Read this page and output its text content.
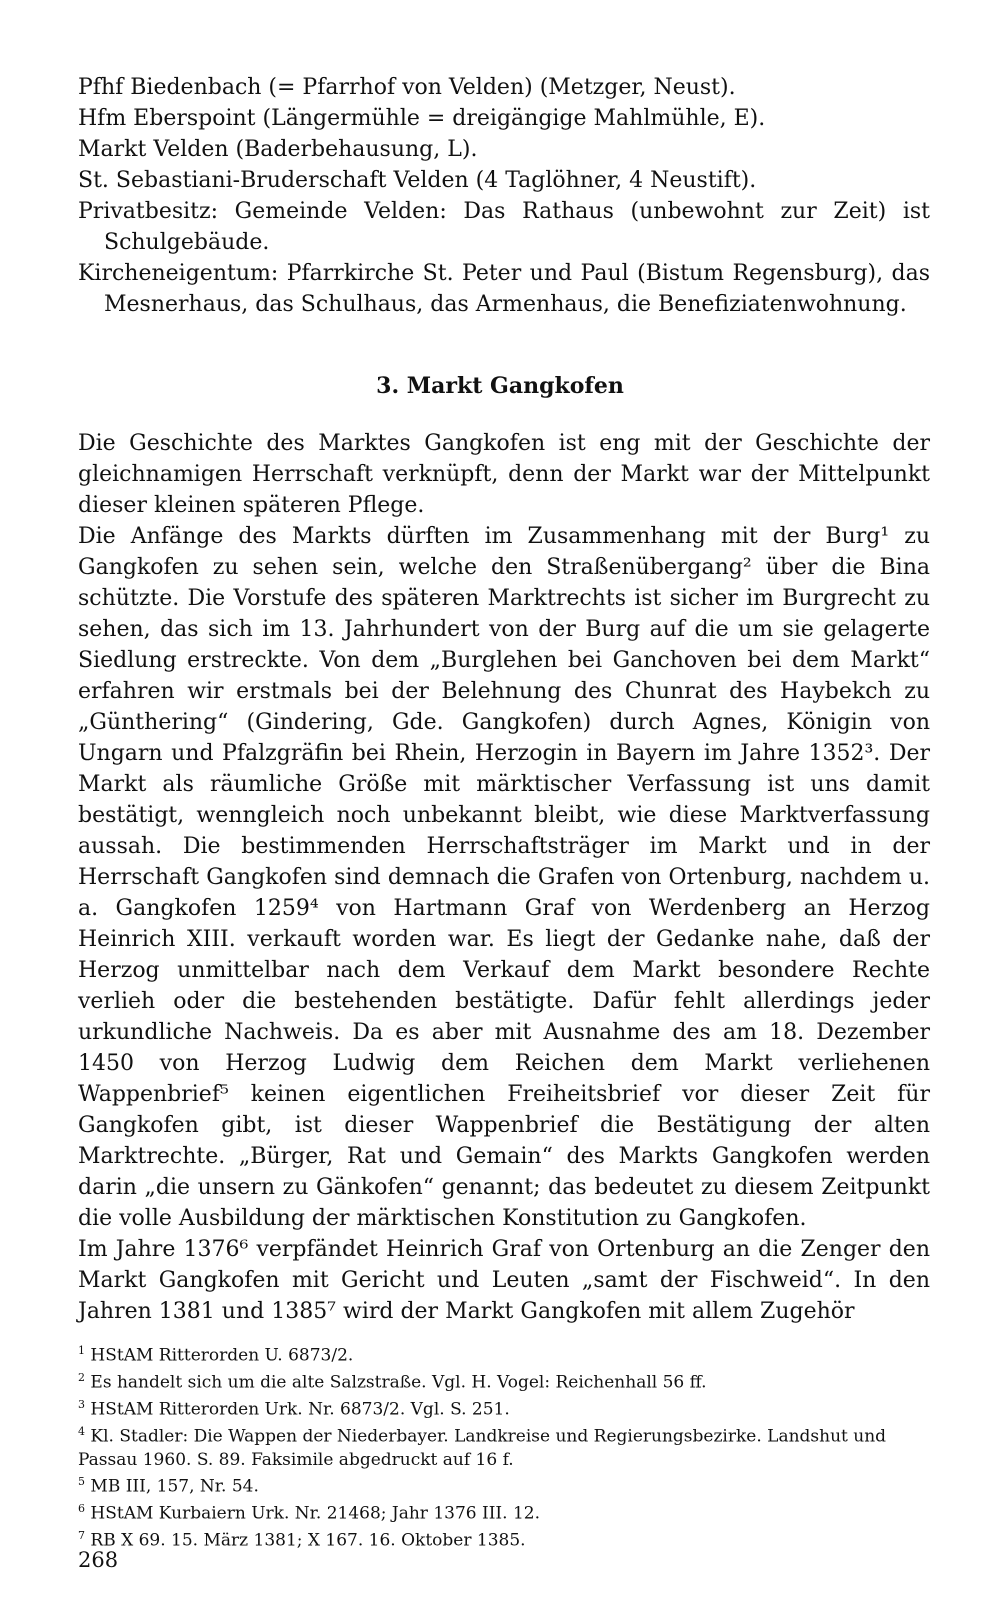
Pfhf Biedenbach (= Pfarrhof von Velden) (Metzger, Neust).
Hfm Eberspoint (Längermühle = dreigängige Mahlmühle, E).
Markt Velden (Baderbehausung, L).
St. Sebastiani-Bruderschaft Velden (4 Taglöhner, 4 Neustift).
Privatbesitz: Gemeinde Velden: Das Rathaus (unbewohnt zur Zeit) ist Schulgebäude.
Kircheneigentum: Pfarrkirche St. Peter und Paul (Bistum Regensburg), das Mesnerhaus, das Schulhaus, das Armenhaus, die Benefiziatenwohnung.
3. Markt Gangkofen

Die Geschichte des Marktes Gangkofen ist eng mit der Geschichte der gleichnamigen Herrschaft verknüpft, denn der Markt war der Mittelpunkt dieser kleinen späteren Pflege.

Die Anfänge des Markts dürften im Zusammenhang mit der Burg¹ zu Gangkofen zu sehen sein, welche den Straßenübergang² über die Bina schützte. Die Vorstufe des späteren Marktrechts ist sicher im Burgrecht zu sehen, das sich im 13. Jahrhundert von der Burg auf die um sie gelagerte Siedlung erstreckte. Von dem „Burglehen bei Ganchoven bei dem Markt“ erfahren wir erstmals bei der Belehnung des Chunrat des Haybekch zu „Günthering“ (Gindering, Gde. Gangkofen) durch Agnes, Königin von Ungarn und Pfalzgräfin bei Rhein, Herzogin in Bayern im Jahre 1352³. Der Markt als räumliche Größe mit märktischer Verfassung ist uns damit bestätigt, wenngleich noch unbekannt bleibt, wie diese Marktverfassung aussah. Die bestimmenden Herrschaftsträger im Markt und in der Herrschaft Gangkofen sind demnach die Grafen von Ortenburg, nachdem u. a. Gangkofen 1259⁴ von Hartmann Graf von Werdenberg an Herzog Heinrich XIII. verkauft worden war. Es liegt der Gedanke nahe, daß der Herzog unmittelbar nach dem Verkauf dem Markt besondere Rechte verlieh oder die bestehenden bestätigte. Dafür fehlt allerdings jeder urkundliche Nachweis. Da es aber mit Ausnahme des am 18. Dezember 1450 von Herzog Ludwig dem Reichen dem Markt verliehenen Wappenbrief⁵ keinen eigentlichen Freiheitsbrief vor dieser Zeit für Gangkofen gibt, ist dieser Wappenbrief die Bestätigung der alten Marktrechte. „Bürger, Rat und Gemain“ des Markts Gangkofen werden darin „die unsern zu Gänkofen“ genannt; das bedeutet zu diesem Zeitpunkt die volle Ausbildung der märktischen Konstitution zu Gangkofen.

Im Jahre 1376⁶ verpfändet Heinrich Graf von Ortenburg an die Zenger den Markt Gangkofen mit Gericht und Leuten „samt der Fischweid“. In den Jahren 1381 und 1385⁷ wird der Markt Gangkofen mit allem Zugehör

$^1$ HStAM Ritterorden U. 6873/2.
$^2$ Es handelt sich um die alte Salzstraße. Vgl. H. Vogel: Reichenhall 56 ff.
$^3$ HStAM Ritterorden Urk. Nr. 6873/2. Vgl. S. 251.
$^4$ Kl. Stadler: Die Wappen der Niederbayer. Landkreise und Regierungsbezirke. Landshut und Passau 1960. S. 89. Faksimile abgedruckt auf 16 f.
$^5$ MB III, 157, Nr. 54.
$^6$ HStAM Kurbaiern Urk. Nr. 21468; Jahr 1376 III. 12.
$^7$ RB X 69. 15. März 1381; X 167. 16. Oktober 1385.
268
